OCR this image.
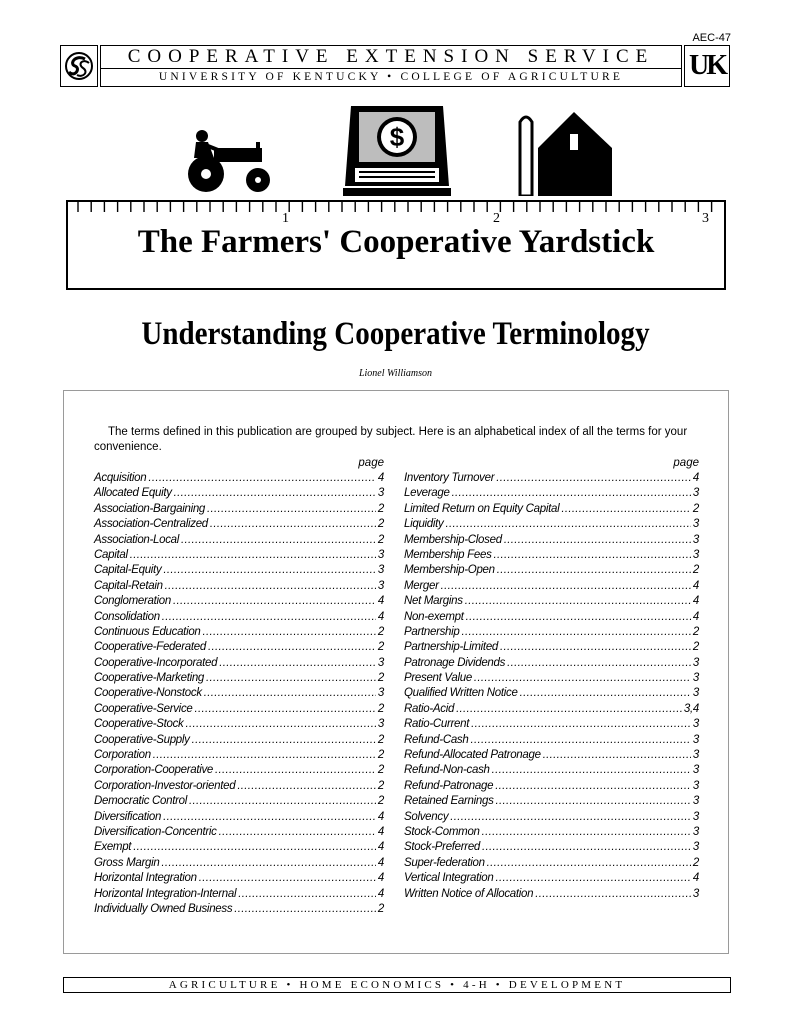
AEC-47
COOPERATIVE EXTENSION SERVICE
UNIVERSITY OF KENTUCKY • COLLEGE OF AGRICULTURE	UK
$
1	2	3
The Farmers' Cooperative Yardstick
Understanding Cooperative Terminology
Lionel Williamson
The terms defined in this publication are grouped by subject. Here is an alphabetical index of all the terms for your convenience.
page
Acquisition .....	4
Allocated Equity .....	3
Association-Bargaining .....	2
Association-Centralized .....	2
Association-Local .....	2
Capital .....	3
Capital-Equity .....	3
Capital-Retain .....	3
Conglomeration .....	4
Consolidation .....	4
Continuous Education .....	2
Cooperative-Federated .....	2
Cooperative-Incorporated .....	3
Cooperative-Marketing .....	2
Cooperative-Nonstock .....	3
Cooperative-Service .....	2
Cooperative-Stock .....	3
Cooperative-Supply .....	2
Corporation .....	2
Corporation-Cooperative .....	2
Corporation-Investor-oriented .....	2
Democratic Control .....	2
Diversification .....	4
Diversification-Concentric .....	4
Exempt .....	4
Gross Margin .....	4
Horizontal Integration .....	4
Horizontal Integration-Internal .....	4
Individually Owned Business .....	2
page
Inventory Turnover .....	4
Leverage .....	3
Limited Return on Equity Capital .....	2
Liquidity .....	3
Membership-Closed .....	3
Membership Fees .....	3
Membership-Open .....	2
Merger .....	4
Net Margins .....	4
Non-exempt .....	4
Partnership .....	2
Partnership-Limited .....	2
Patronage Dividends .....	3
Present Value .....	3
Qualified Written Notice .....	3
Ratio-Acid .....	3,4
Ratio-Current .....	3
Refund-Cash .....	3
Refund-Allocated Patronage .....	3
Refund-Non-cash .....	3
Refund-Patronage .....	3
Retained Earnings .....	3
Solvency .....	3
Stock-Common .....	3
Stock-Preferred .....	3
Super-federation .....	2
Vertical Integration .....	4
Written Notice of Allocation .....	3
AGRICULTURE • HOME ECONOMICS • 4-H • DEVELOPMENT
